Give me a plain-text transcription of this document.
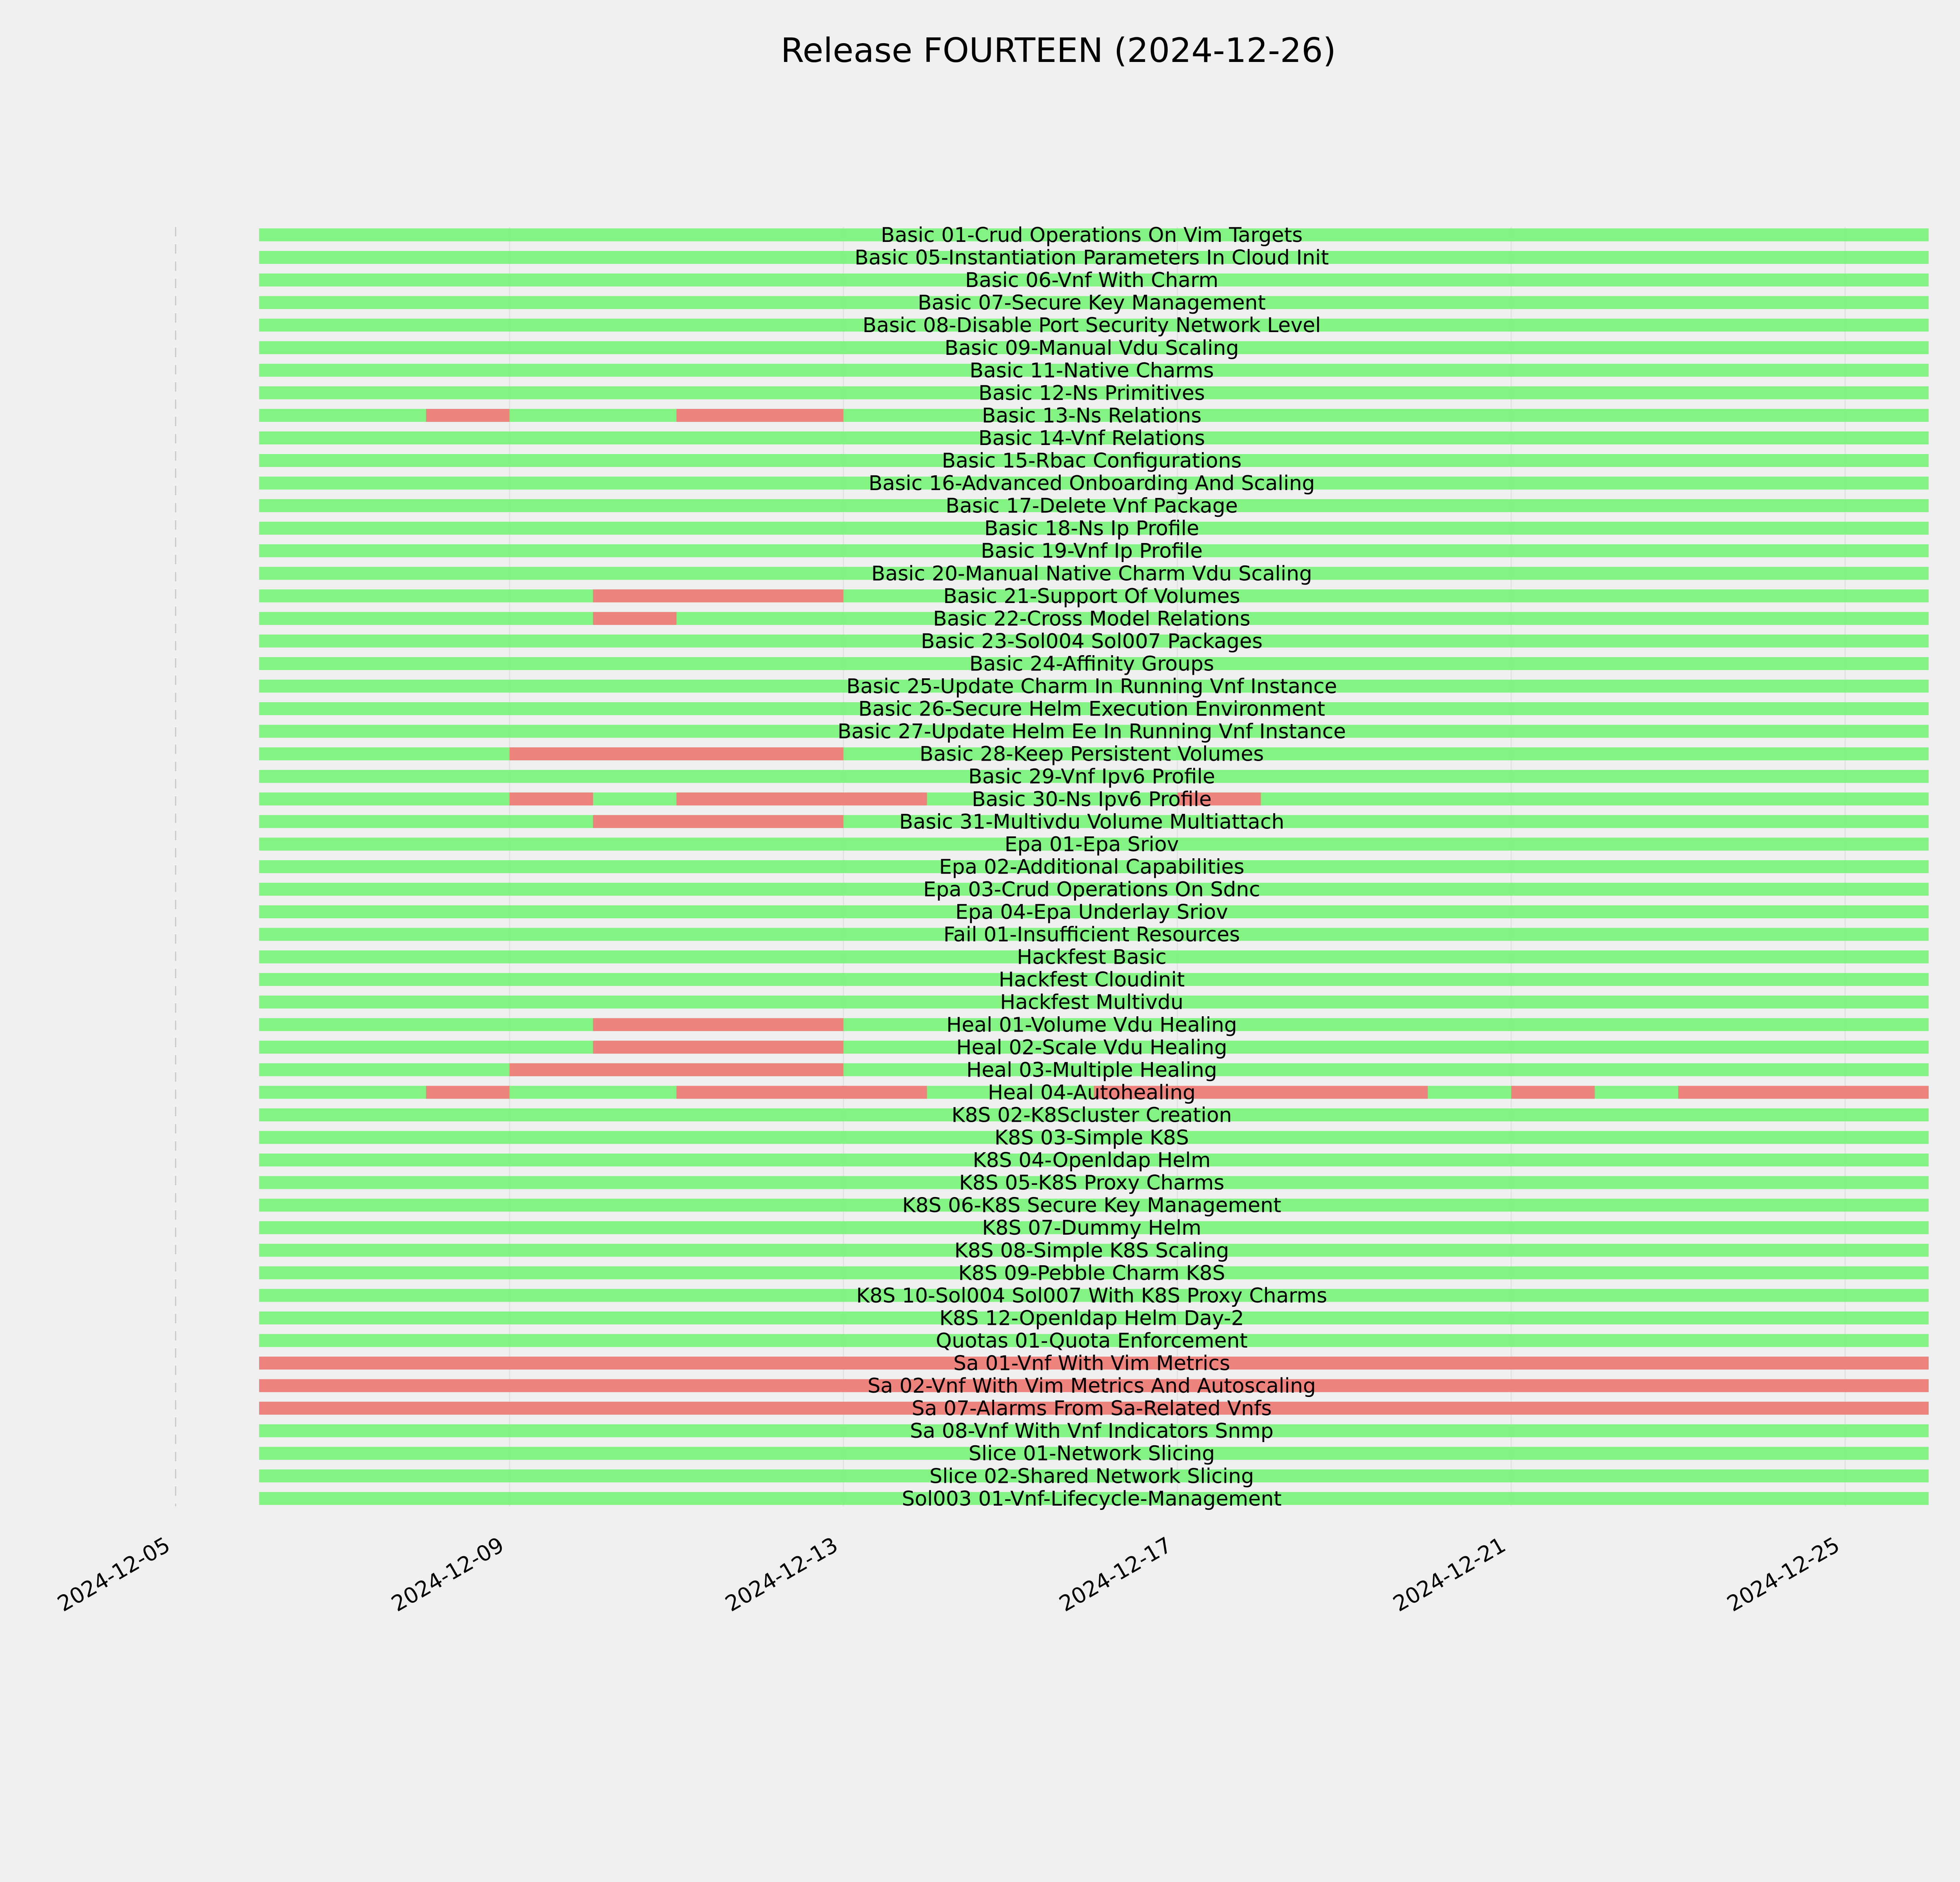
Release FOURTEEN (2024-12-26)
Basic 01-Crud Operations On Vim Targets
Basic 05-Instantiation Parameters In Cloud Init
Basic 06-Vnf With Charm
Basic 07-Secure Key Management
Basic 08-Disable Port Security Network Level
Basic 09-Manual Vdu Scaling
Basic 11-Native Charms
Basic 12-Ns Primitives
Basic 13-Ns Relations
Basic 14-Vnf Relations
Basic 15-Rbac Configurations
Basic 16-Advanced Onboarding And Scaling
Basic 17-Delete Vnf Package
Basic 18-Ns Ip Profile
Basic 19-Vnf Ip Profile
Basic 20-Manual Native Charm Vdu Scaling
Basic 21-Support Of Volumes
Basic 22-Cross Model Relations
Basic 23-Sol004 Sol007 Packages
Basic 24-Affinity Groups
Basic 25-Update Charm In Running Vnf Instance
Basic 26-Secure Helm Execution Environment
Basic 27-Update Helm Ee In Running Vnf Instance
Basic 28-Keep Persistent Volumes
Basic 29-Vnf Ipv6 Profile
Basic 30-Ns Ipv6 Profile
Basic 31-Multivdu Volume Multiattach
Epa 01-Epa Sriov
Epa 02-Additional Capabilities
Epa 03-Crud Operations On Sdnc
Epa 04-Epa Underlay Sriov
Fail 01-Insufficient Resources
Hackfest Basic
Hackfest Cloudinit
Hackfest Multivdu
Heal 01-Volume Vdu Healing
Heal 02-Scale Vdu Healing
Heal 03-Multiple Healing
Heal 04-Autohealing
K8S 02-K8Scluster Creation
K8S 03-Simple K8S
K8S 04-Openldap Helm
K8S 05-K8S Proxy Charms
K8S 06-K8S Secure Key Management
K8S 07-Dummy Helm
K8S 08-Simple K8S Scaling
K8S 09-Pebble Charm K8S
K8S 10-Sol004 Sol007 With K8S Proxy Charms
K8S 12-Openldap Helm Day-2
Quotas 01-Quota Enforcement
Sa 01-Vnf With Vim Metrics
Sa 02-Vnf With Vim Metrics And Autoscaling
Sa 07-Alarms From Sa-Related Vnfs
Sa 08-Vnf With Vnf Indicators Snmp
Slice 01-Network Slicing
Slice 02-Shared Network Slicing
Sol003 01-Vnf-Lifecycle-Management
2024-12-05	2024-12-09	2024-12-13	2024-12-17	2024-12-21	2024-12-25
